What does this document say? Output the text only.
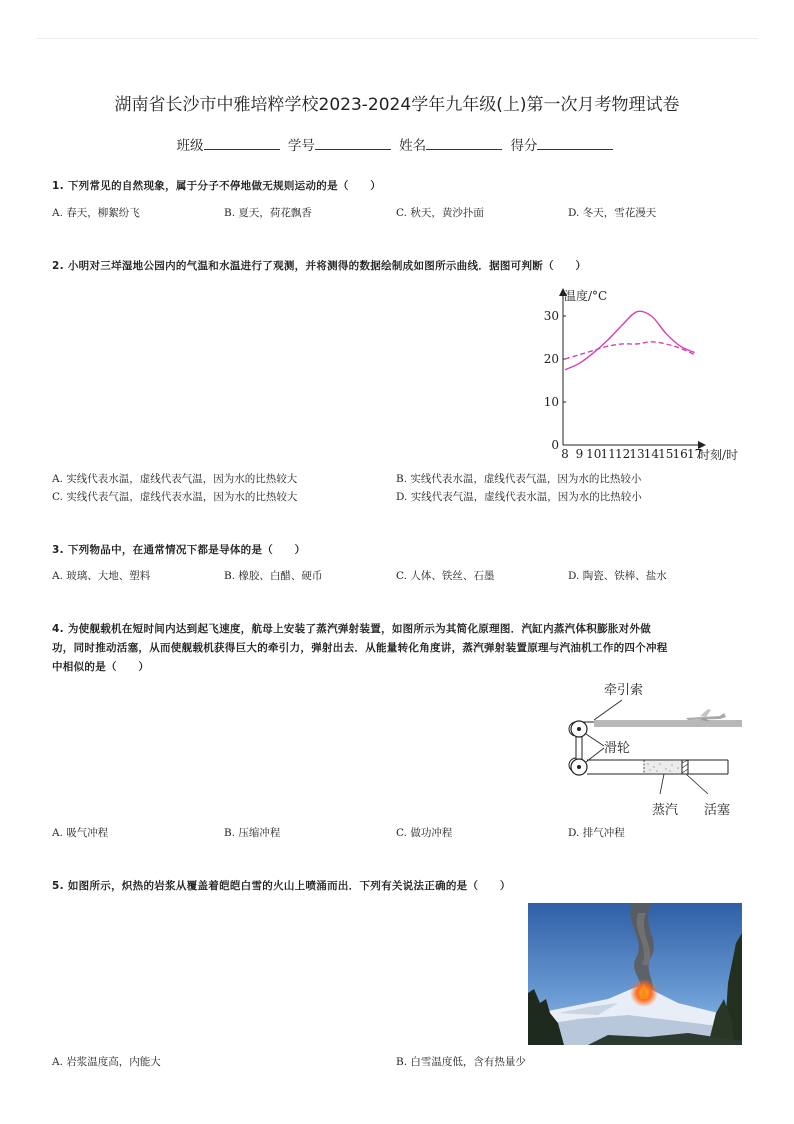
湖南省长沙市中雅培粹学校2023-2024学年九年级(上)第一次月考物理试卷
班级	学号	姓名	得分
1. 下列常见的自然现象，属于分子不停地做无规则运动的是（　　）
A. 春天，柳絮纷飞	B. 夏天，荷花飘香	C. 秋天，黄沙扑面	D. 冬天，雪花漫天
2. 小明对三垟湿地公园内的气温和水温进行了观测，并将测得的数据绘制成如图所示曲线．据图可判断（　　）
温度/°C
时刻/时
0
10
20
30
8 9 10 11 12 13 14 15 16 17
A. 实线代表水温，虚线代表气温，因为水的比热较大	B. 实线代表水温，虚线代表气温，因为水的比热较小
C. 实线代表气温，虚线代表水温，因为水的比热较大	D. 实线代表气温，虚线代表水温，因为水的比热较小
3. 下列物品中，在通常情况下都是导体的是（　　）
A. 玻璃、大地、塑料	B. 橡胶、白醋、硬币	C. 人体、铁丝、石墨	D. 陶瓷、铁棒、盐水
4. 为使舰载机在短时间内达到起飞速度，航母上安装了蒸汽弹射装置，如图所示为其简化原理图．汽缸内蒸汽体积膨胀对外做
功，同时推动活塞，从而使舰载机获得巨大的牵引力，弹射出去．从能量转化角度讲，蒸汽弹射装置原理与汽油机工作的四个冲程
中相似的是（　　）
牵引索
滑轮
蒸汽 活塞
A. 吸气冲程	B. 压缩冲程	C. 做功冲程	D. 排气冲程
5. 如图所示，炽热的岩浆从覆盖着皑皑白雪的火山上喷涌而出．下列有关说法正确的是（　　）
A. 岩浆温度高，内能大	B. 白雪温度低，含有热量少
